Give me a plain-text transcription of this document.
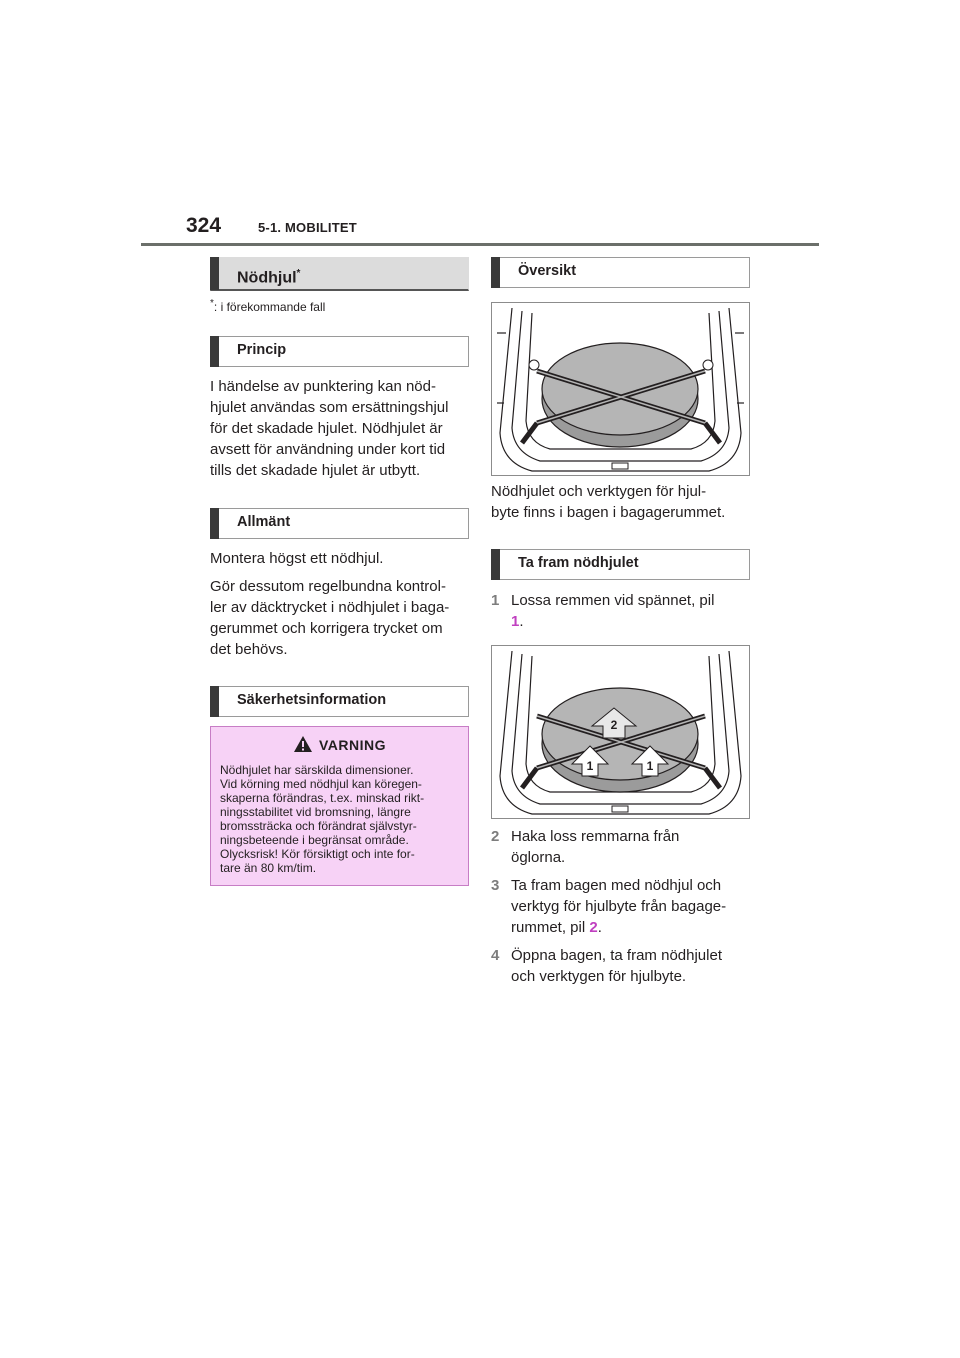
324	5-1. MOBILITET
Nödhjul*
*: i förekommande fall
Princip

I händelse av punktering kan nöd-
hjulet användas som ersättningshjul
för det skadade hjulet. Nödhjulet är
avsett för användning under kort tid
tills det skadade hjulet är utbytt.

Allmänt

Montera högst ett nödhjul.

Gör dessutom regelbundna kontrol-
ler av däcktrycket i nödhjulet i baga-
gerummet och korrigera trycket om
det behövs.

Säkerhetsinformation
VARNING
Nödhjulet har särskilda dimensioner.
Vid körning med nödhjul kan köregen-
skaperna förändras, t.ex. minskad rikt-
ningsstabilitet vid bromsning, längre
bromssträcka och förändrat självstyr-
ningsbeteende i begränsat område.
Olycksrisk! Kör försiktigt och inte for-
tare än 80 km/tim.
Översikt

Nödhjulet och verktygen för hjul-
byte finns i bagen i bagagerummet.

Ta fram nödhjulet
1 Lossa remmen vid spännet, pil
1.
2
1	1
2 Haka loss remmarna från
öglorna.
3 Ta fram bagen med nödhjul och
verktyg för hjulbyte från bagage-
rummet, pil 2.
4 Öppna bagen, ta fram nödhjulet
och verktygen för hjulbyte.
